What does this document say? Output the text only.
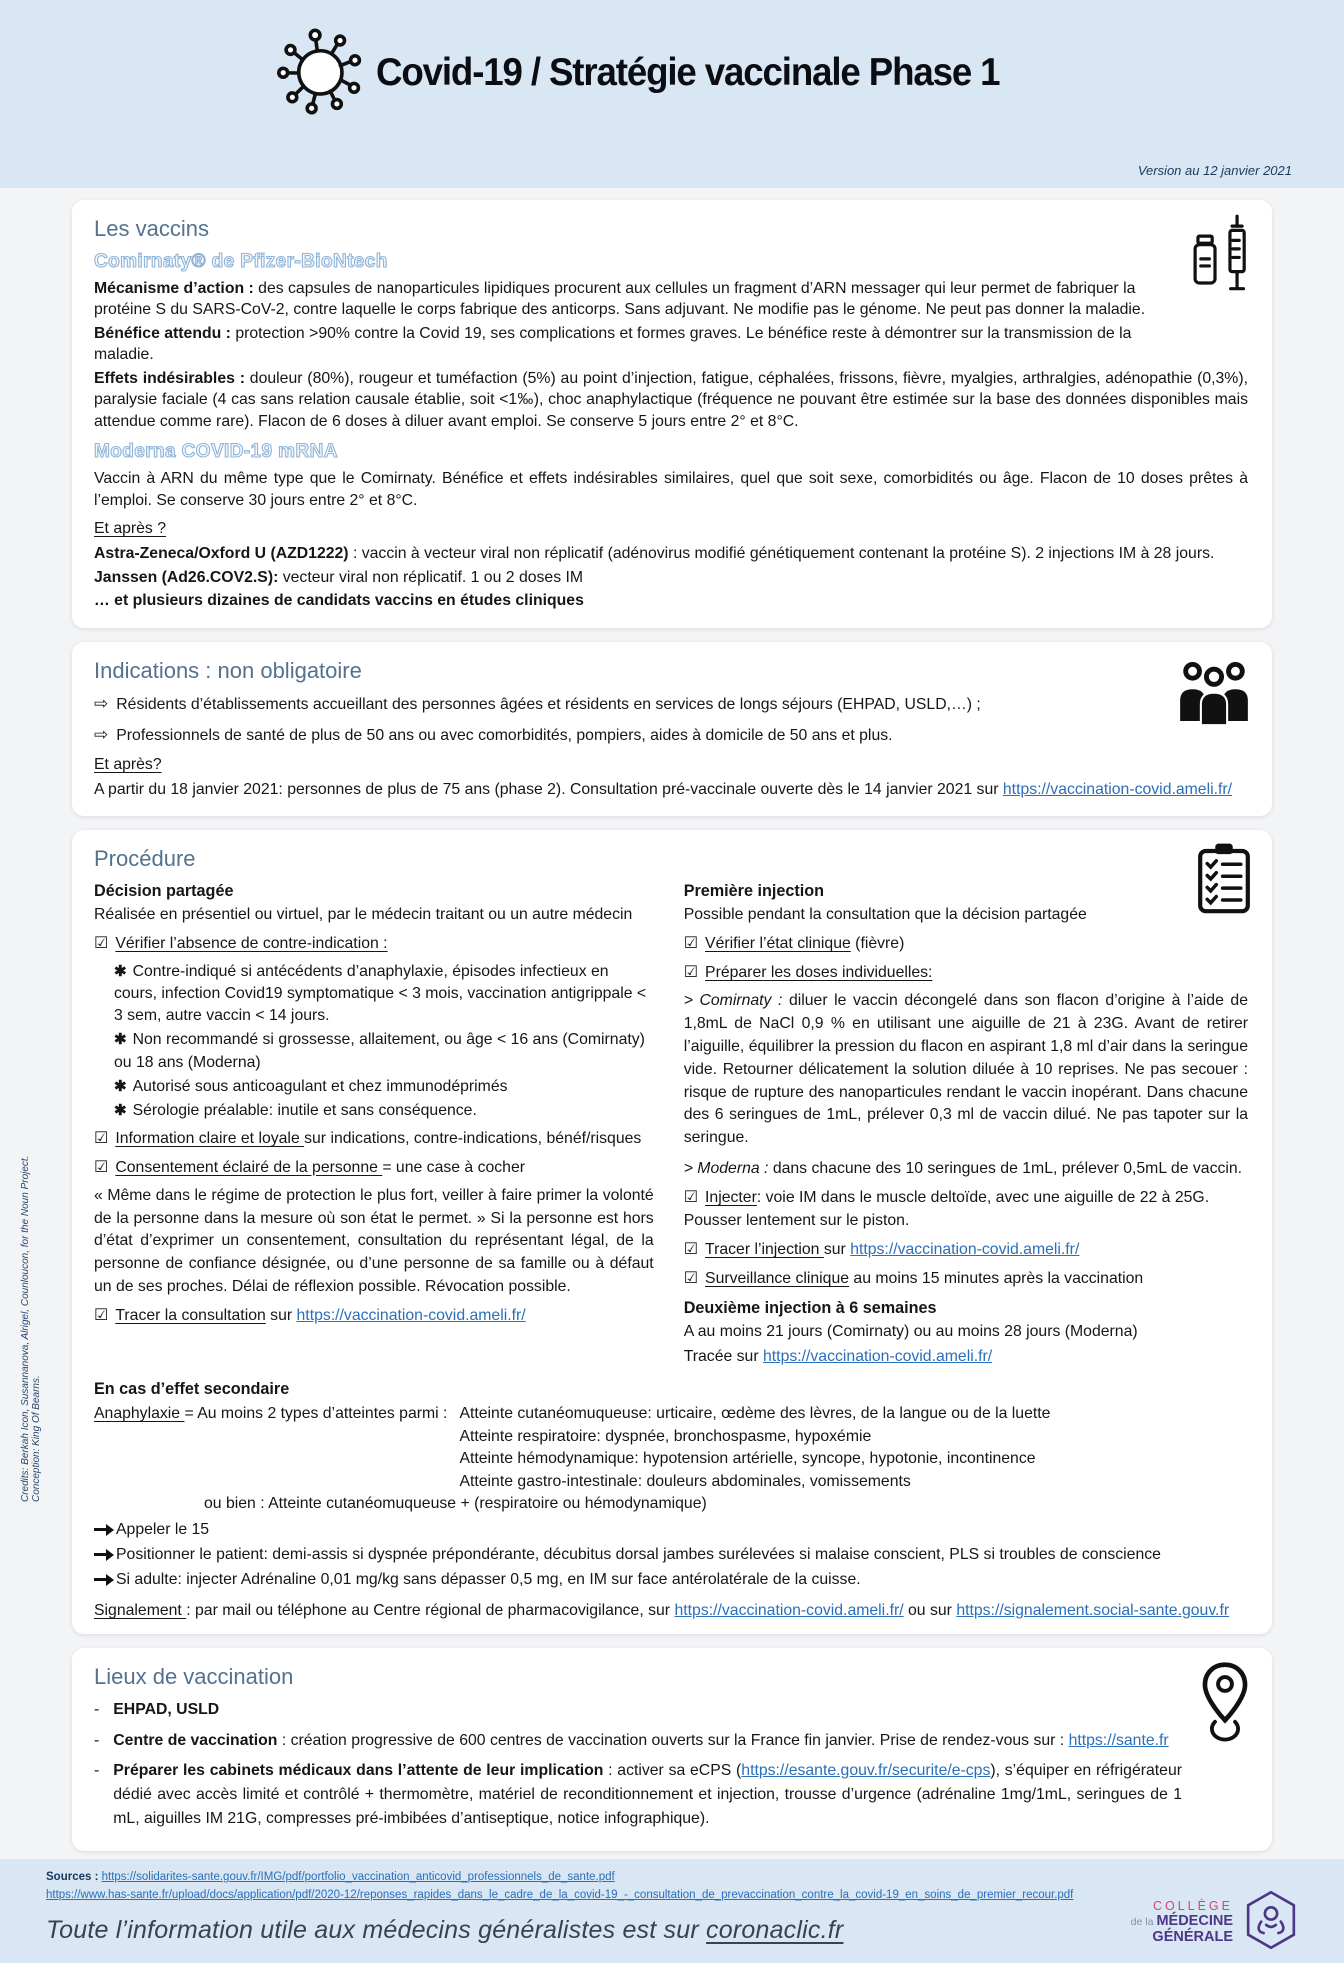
Covid-19 / Stratégie vaccinale Phase 1
Version au 12 janvier 2021
Les vaccins
Comirnaty® de Pfizer-BioNtech

Mécanisme d’action : des capsules de nanoparticules lipidiques procurent aux cellules un fragment d’ARN messager qui leur permet de fabriquer la protéine S du SARS-CoV-2, contre laquelle le corps fabrique des anticorps. Sans adjuvant. Ne modifie pas le génome. Ne peut pas donner la maladie.

Bénéfice attendu : protection >90% contre la Covid 19, ses complications et formes graves. Le bénéfice reste à démontrer sur la transmission de la maladie.

Effets indésirables : douleur (80%), rougeur et tuméfaction (5%) au point d’injection, fatigue, céphalées, frissons, fièvre, myalgies, arthralgies, adénopathie (0,3%), paralysie faciale (4 cas sans relation causale établie, soit <1‰), choc anaphylactique (fréquence ne pouvant être estimée sur la base des données disponibles mais attendue comme rare). Flacon de 6 doses à diluer avant emploi. Se conserve 5 jours entre 2° et 8°C.

Moderna COVID-19 mRNA

Vaccin à ARN du même type que le Comirnaty. Bénéfice et effets indésirables similaires, quel que soit sexe, comorbidités ou âge. Flacon de 10 doses prêtes à l’emploi. Se conserve 30 jours entre 2° et 8°C.

Et après ?

Astra-Zeneca/Oxford U (AZD1222) : vaccin à vecteur viral non réplicatif (adénovirus modifié génétiquement contenant la protéine S). 2 injections IM à 28 jours.

Janssen (Ad26.COV2.S): vecteur viral non réplicatif. 1 ou 2 doses IM

… et plusieurs dizaines de candidats vaccins en études cliniques

Indications : non obligatoire
⇨ Résidents d’établissements accueillant des personnes âgées et résidents en services de longs séjours (EHPAD, USLD,…) ;
⇨ Professionnels de santé de plus de 50 ans ou avec comorbidités, pompiers, aides à domicile de 50 ans et plus.
Et après?

A partir du 18 janvier 2021: personnes de plus de 75 ans (phase 2). Consultation pré-vaccinale ouverte dès le 14 janvier 2021 sur https://vaccination-covid.ameli.fr/

Procédure
Décision partagée

Réalisée en présentiel ou virtuel, par le médecin traitant ou un autre médecin

☑ Vérifier l’absence de contre-indication :
✱ Contre-indiqué si antécédents d’anaphylaxie, épisodes infectieux en cours, infection Covid19 symptomatique < 3 mois, vaccination antigrippale < 3 sem, autre vaccin < 14 jours.
✱ Non recommandé si grossesse, allaitement, ou âge < 16 ans (Comirnaty) ou 18 ans (Moderna)
✱ Autorisé sous anticoagulant et chez immunodéprimés
✱ Sérologie préalable: inutile et sans conséquence.
☑ Information claire et loyale sur indications, contre-indications, bénéf/risques
☑ Consentement éclairé de la personne = une case à cocher

« Même dans le régime de protection le plus fort, veiller à faire primer la volonté de la personne dans la mesure où son état le permet. » Si la personne est hors d’état d’exprimer un consentement, consultation du représentant légal, de la personne de confiance désignée, ou d’une personne de sa famille ou à défaut un de ses proches. Délai de réflexion possible. Révocation possible.

☑ Tracer la consultation sur https://vaccination-covid.ameli.fr/
Première injection

Possible pendant la consultation que la décision partagée

☑ Vérifier l’état clinique (fièvre)
☑ Préparer les doses individuelles:

> Comirnaty : diluer le vaccin décongelé dans son flacon d’origine à l’aide de 1,8mL de NaCl 0,9 % en utilisant une aiguille de 21 à 23G. Avant de retirer l’aiguille, équilibrer la pression du flacon en aspirant 1,8 ml d’air dans la seringue vide. Retourner délicatement la solution diluée à 10 reprises. Ne pas secouer : risque de rupture des nanoparticules rendant le vaccin inopérant. Dans chacune des 6 seringues de 1mL, prélever 0,3 ml de vaccin dilué. Ne pas tapoter sur la seringue.

> Moderna : dans chacune des 10 seringues de 1mL, prélever 0,5mL de vaccin.

☑ Injecter: voie IM dans le muscle deltoïde, avec une aiguille de 22 à 25G. Pousser lentement sur le piston.
☑ Tracer l’injection sur https://vaccination-covid.ameli.fr/
☑ Surveillance clinique au moins 15 minutes après la vaccination
Deuxième injection à 6 semaines

A au moins 21 jours (Comirnaty) ou au moins 28 jours (Moderna)

Tracée sur https://vaccination-covid.ameli.fr/

En cas d’effet secondaire
Anaphylaxie = Au moins 2 types d’atteintes parmi : Atteinte cutanéomuqueuse: urticaire, œdème des lèvres, de la langue ou de la luette
Atteinte respiratoire: dyspnée, bronchospasme, hypoxémie
Atteinte hémodynamique: hypotension artérielle, syncope, hypotonie, incontinence
Atteinte gastro-intestinale: douleurs abdominales, vomissements
ou bien : Atteinte cutanéomuqueuse + (respiratoire ou hémodynamique)
Appeler le 15
Positionner le patient: demi-assis si dyspnée prépondérante, décubitus dorsal jambes surélevées si malaise conscient, PLS si troubles de conscience
Si adulte: injecter Adrénaline 0,01 mg/kg sans dépasser 0,5 mg, en IM sur face antérolatérale de la cuisse.
Signalement : par mail ou téléphone au Centre régional de pharmacovigilance, sur https://vaccination-covid.ameli.fr/ ou sur https://signalement.social-sante.gouv.fr
Lieux de vaccination
- EHPAD, USLD
- Centre de vaccination : création progressive de 600 centres de vaccination ouverts sur la France fin janvier. Prise de rendez-vous sur : https://sante.fr
- Préparer les cabinets médicaux dans l’attente de leur implication : activer sa eCPS (https://esante.gouv.fr/securite/e-cps), s’équiper en réfrigérateur dédié avec accès limité et contrôlé + thermomètre, matériel de reconditionnement et injection, trousse d’urgence (adrénaline 1mg/1mL, seringues de 1 mL, aiguilles IM 21G, compresses pré-imbibées d’antiseptique, notice infographique).
Sources : https://solidarites-sante.gouv.fr/IMG/pdf/portfolio_vaccination_anticovid_professionnels_de_sante.pdf
https://www.has-sante.fr/upload/docs/application/pdf/2020-12/reponses_rapides_dans_le_cadre_de_la_covid-19_-_consultation_de_prevaccination_contre_la_covid-19_en_soins_de_premier_recour.pdf
Toute l’information utile aux médecins généralistes est sur coronaclic.fr
COLLÈGE
de la MÉDECINE
GÉNÉRALE
Credits: Berkah Icon, Susannanova, Alrigel, Counloucon, for the Noun Project. Conception: King Of Bearns.
